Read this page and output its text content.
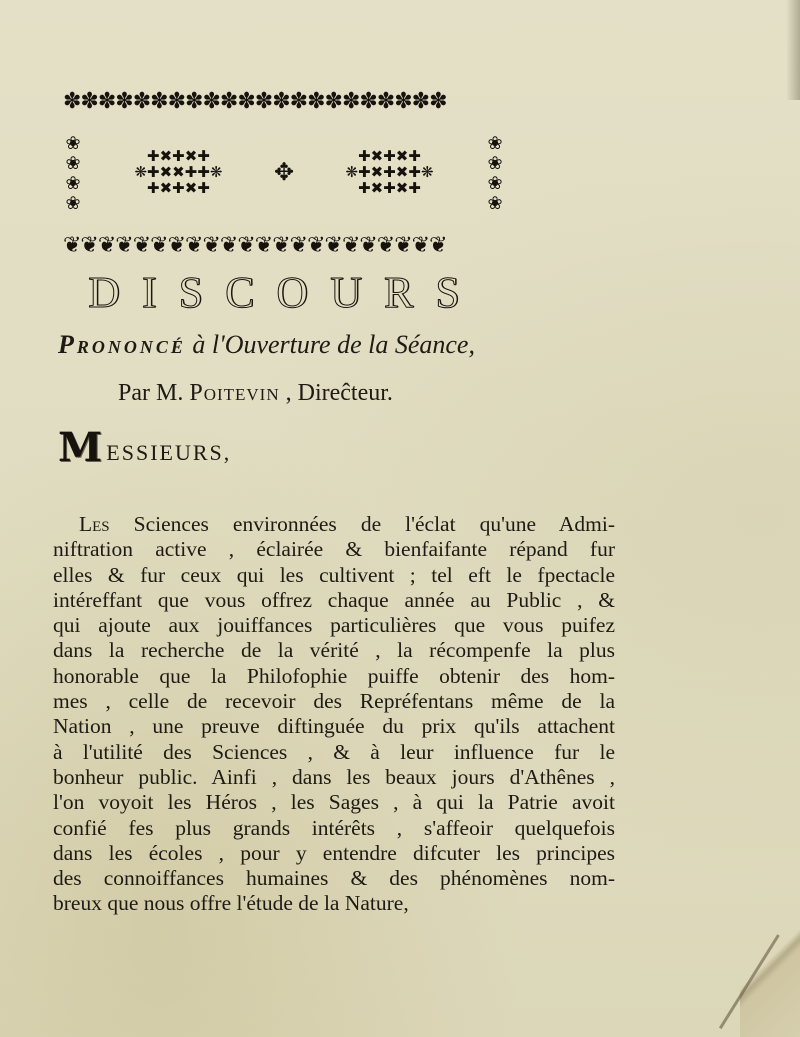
✽✽✽✽✽✽✽✽✽✽✽✽✽✽✽✽✽✽✽✽✽✽
❀
❀
❀
❀
❋
✚✖✚✖✚
✚✖✖✚✚
✚✖✚✖✚
❋ ✥	❋
✚✖✚✖✚
✚✖✚✖✚
✚✖✚✖✚
❋
❀
❀
❀
❀
❦❦❦❦❦❦❦❦❦❦❦❦❦❦❦❦❦❦❦❦❦❦
DISCOURS
Prononcé à l'Ouverture de la Séance,
Par M. Poitevin , Direĉteur.
M ESSIEURS,
Les Sciences environnées de l'éclat qu'une Admi-
niftration active , éclairée & bienfaifante répand fur
elles & fur ceux qui les cultivent ; tel eft le fpectacle
intéreffant que vous offrez chaque année au Public , &
qui ajoute aux jouiffances particulières que vous puifez
dans la recherche de la vérité , la récompenfe la plus
honorable que la Philofophie puiffe obtenir des hom-
mes , celle de recevoir des Repréfentans même de la
Nation , une preuve diftinguée du prix qu'ils attachent
à l'utilité des Sciences , & à leur influence fur le
bonheur public. Ainfi , dans les beaux jours d'Athênes ,
l'on voyoit les Héros , les Sages , à qui la Patrie avoit
confié fes plus grands intérêts , s'affeoir quelquefois
dans les écoles , pour y entendre difcuter les principes
des connoiffances humaines & des phénomènes nom-
breux que nous offre l'étude de la Nature,
